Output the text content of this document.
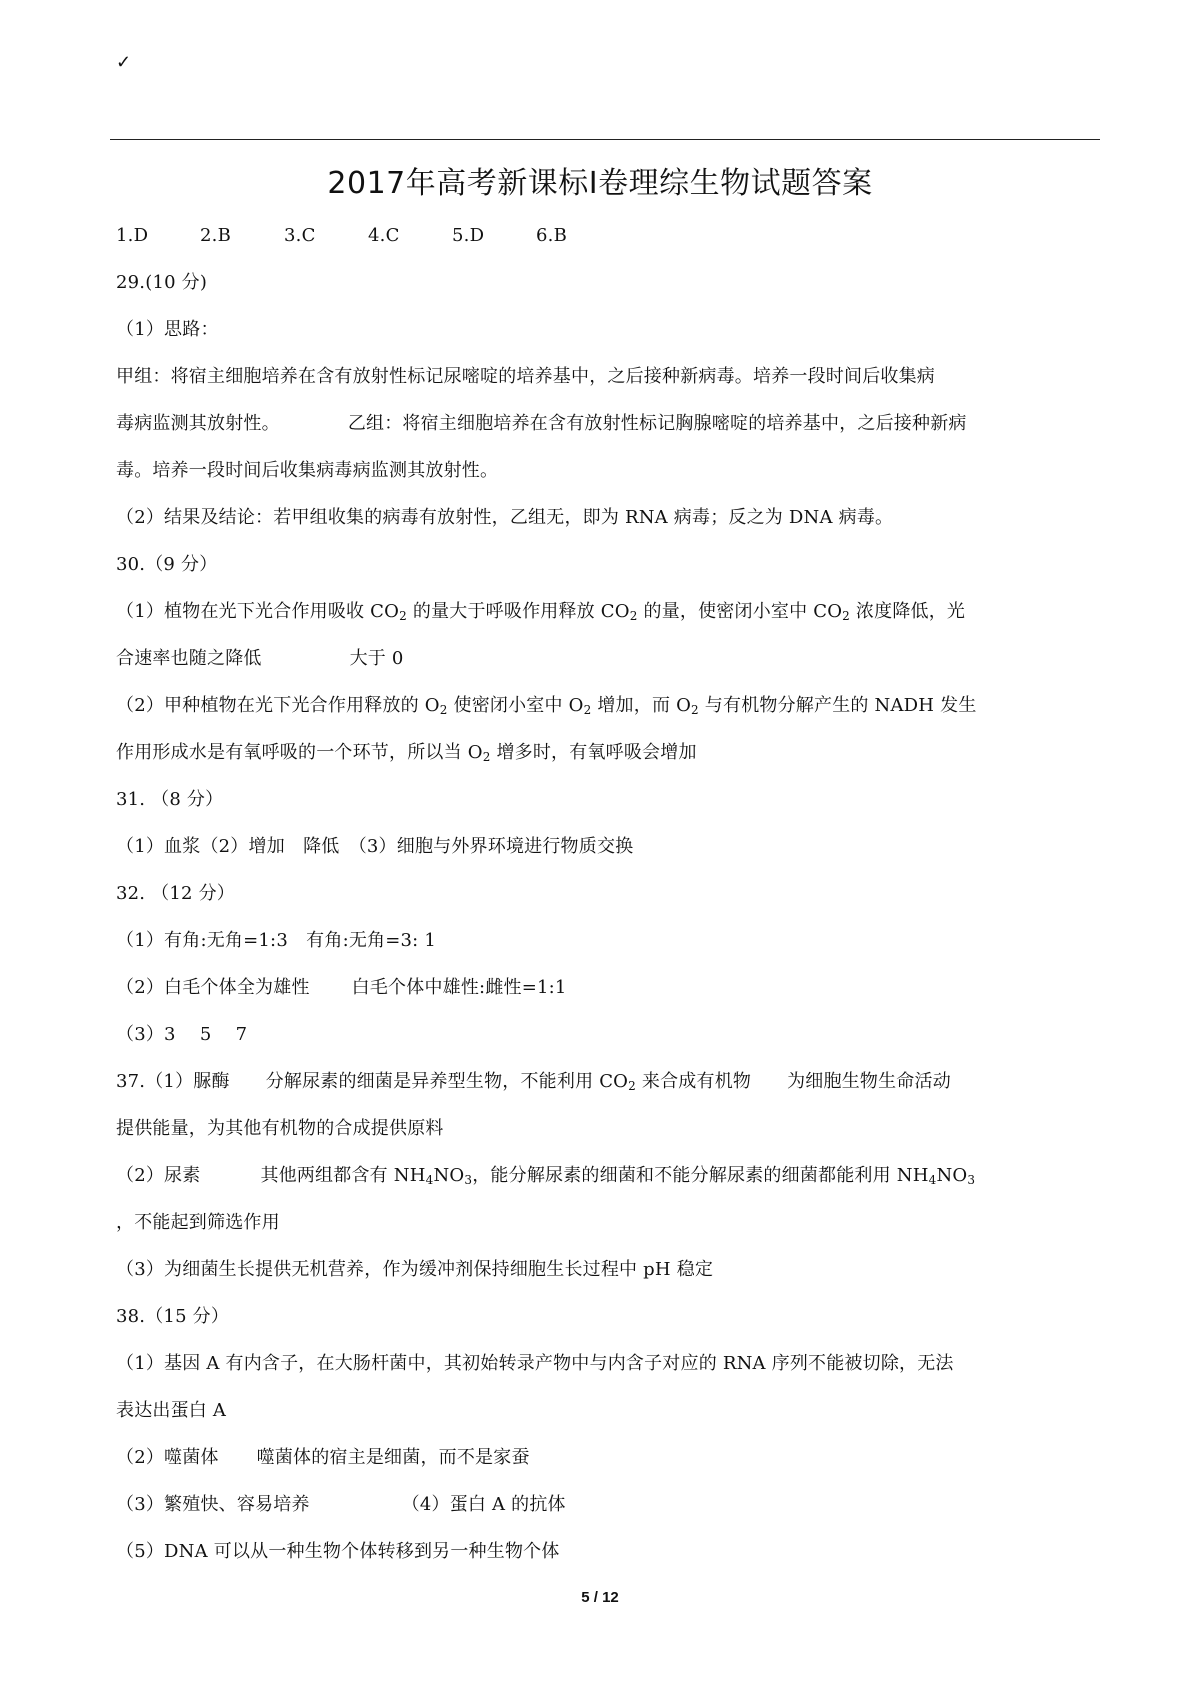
✓
2017年高考新课标Ⅰ卷理综生物试题答案
1.D	2.B	3.C	4.C	5.D	6.B
29.(10 分)
（1）思路：
甲组：将宿主细胞培养在含有放射性标记尿嘧啶的培养基中，之后接种新病毒。培养一段时间后收集病
毒病监测其放射性。	乙组：将宿主细胞培养在含有放射性标记胸腺嘧啶的培养基中，之后接种新病
毒。培养一段时间后收集病毒病监测其放射性。
（2）结果及结论：若甲组收集的病毒有放射性，乙组无，即为 RNA 病毒；反之为 DNA 病毒。
30.（9 分）
（1）植物在光下光合作用吸收 $CO_2$ 的量大于呼吸作用释放 $CO_2$ 的量，使密闭小室中 $CO_2$ 浓度降低，光
合速率也随之降低	大于 0
（2）甲种植物在光下光合作用释放的 $O_2$ 使密闭小室中 $O_2$ 增加，而 $O_2$ 与有机物分解产生的 NADH 发生
作用形成水是有氧呼吸的一个环节，所以当 $O_2$ 增多时，有氧呼吸会增加
31. （8 分）
（1）血浆（2）增加　降低　（3）细胞与外界环境进行物质交换
32. （12 分）
（1）有角:无角=1:3　有角:无角=3: 1
（2）白毛个体全为雄性 白毛个体中雄性:雌性=1:1
（3）3　 5　 7
37.（1）脲酶 分解尿素的细菌是异养型生物，不能利用 $CO_2$ 来合成有机物 为细胞生物生命活动
提供能量，为其他有机物的合成提供原料
（2）尿素	其他两组都含有 $NH_4NO_3$，能分解尿素的细菌和不能分解尿素的细菌都能利用 $NH_4NO_3$
，不能起到筛选作用
（3）为细菌生长提供无机营养，作为缓冲剂保持细胞生长过程中 pH 稳定
38.（15 分）
（1）基因 A 有内含子，在大肠杆菌中，其初始转录产物中与内含子对应的 RNA 序列不能被切除，无法
表达出蛋白 A
（2）噬菌体 噬菌体的宿主是细菌，而不是家蚕
（3）繁殖快、容易培养	（4）蛋白 A 的抗体
（5）DNA 可以从一种生物个体转移到另一种生物个体
5 / 12
